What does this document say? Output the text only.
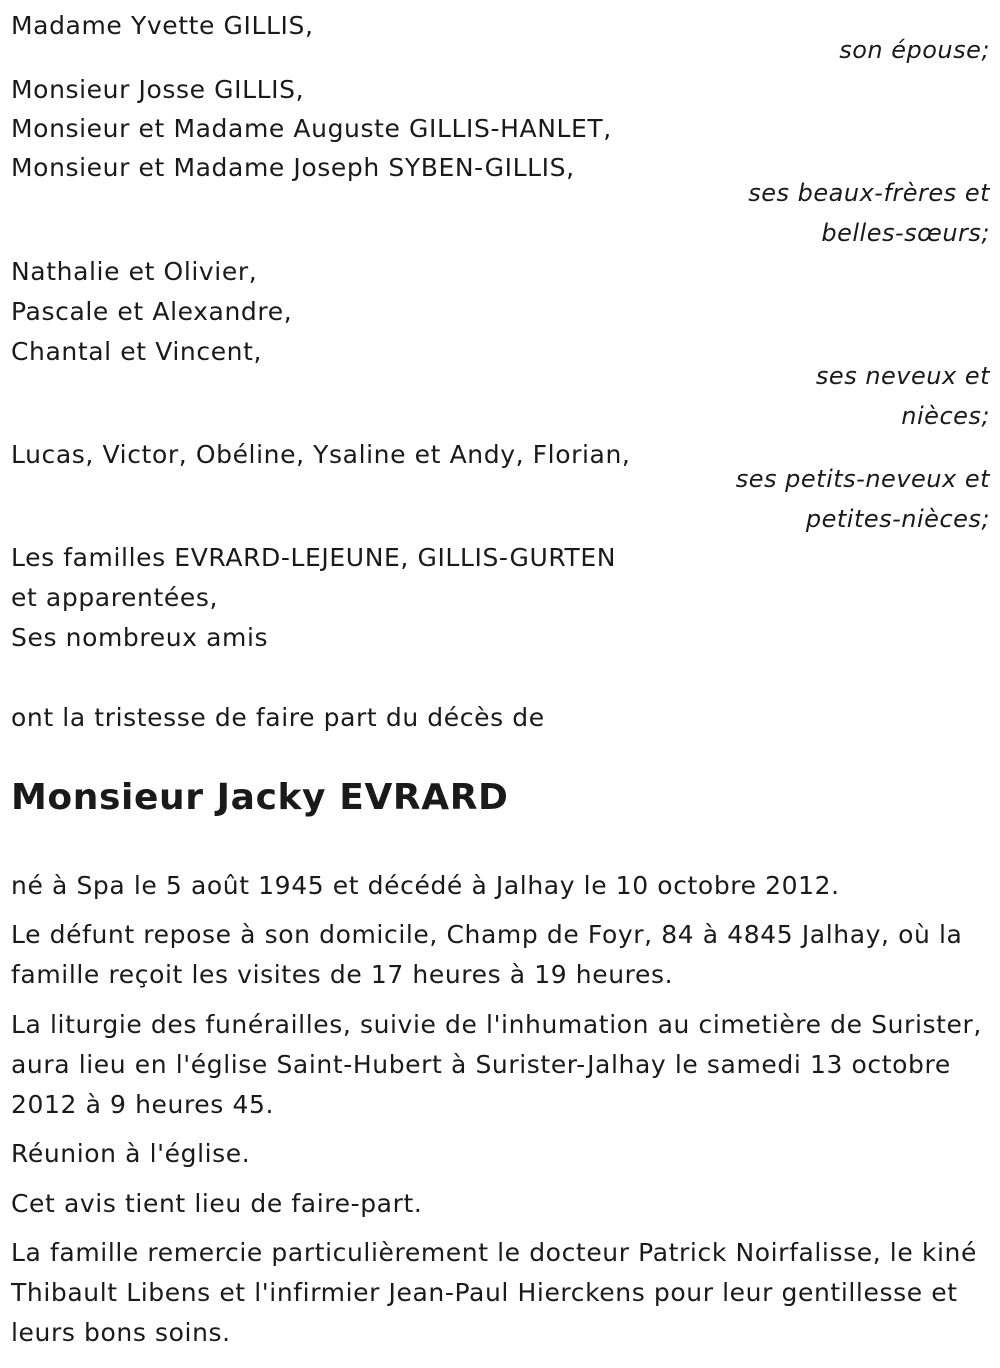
Madame Yvette GILLIS,
son épouse;
Monsieur Josse GILLIS,
Monsieur et Madame Auguste GILLIS-HANLET,
Monsieur et Madame Joseph SYBEN-GILLIS,
ses beaux-frères et
belles-sœurs;
Nathalie et Olivier,
Pascale et Alexandre,
Chantal et Vincent,
ses neveux et
nièces;
Lucas, Victor, Obéline, Ysaline et Andy, Florian,
ses petits-neveux et
petites-nièces;
Les familles EVRARD-LEJEUNE, GILLIS-GURTEN
et apparentées,
Ses nombreux amis
ont la tristesse de faire part du décès de
Monsieur Jacky EVRARD
né à Spa le 5 août 1945 et décédé à Jalhay le 10 octobre 2012.
Le défunt repose à son domicile, Champ de Foyr, 84 à 4845 Jalhay, où la famille reçoit les visites de 17 heures à 19 heures.
La liturgie des funérailles, suivie de l'inhumation au cimetière de Surister, aura lieu en l'église Saint-Hubert à Surister-Jalhay le samedi 13 octobre 2012 à 9 heures 45.
Réunion à l'église.
Cet avis tient lieu de faire-part.
La famille remercie particulièrement le docteur Patrick Noirfalisse, le kiné Thibault Libens et l'infirmier Jean-Paul Hierckens pour leur gentillesse et leurs bons soins.
